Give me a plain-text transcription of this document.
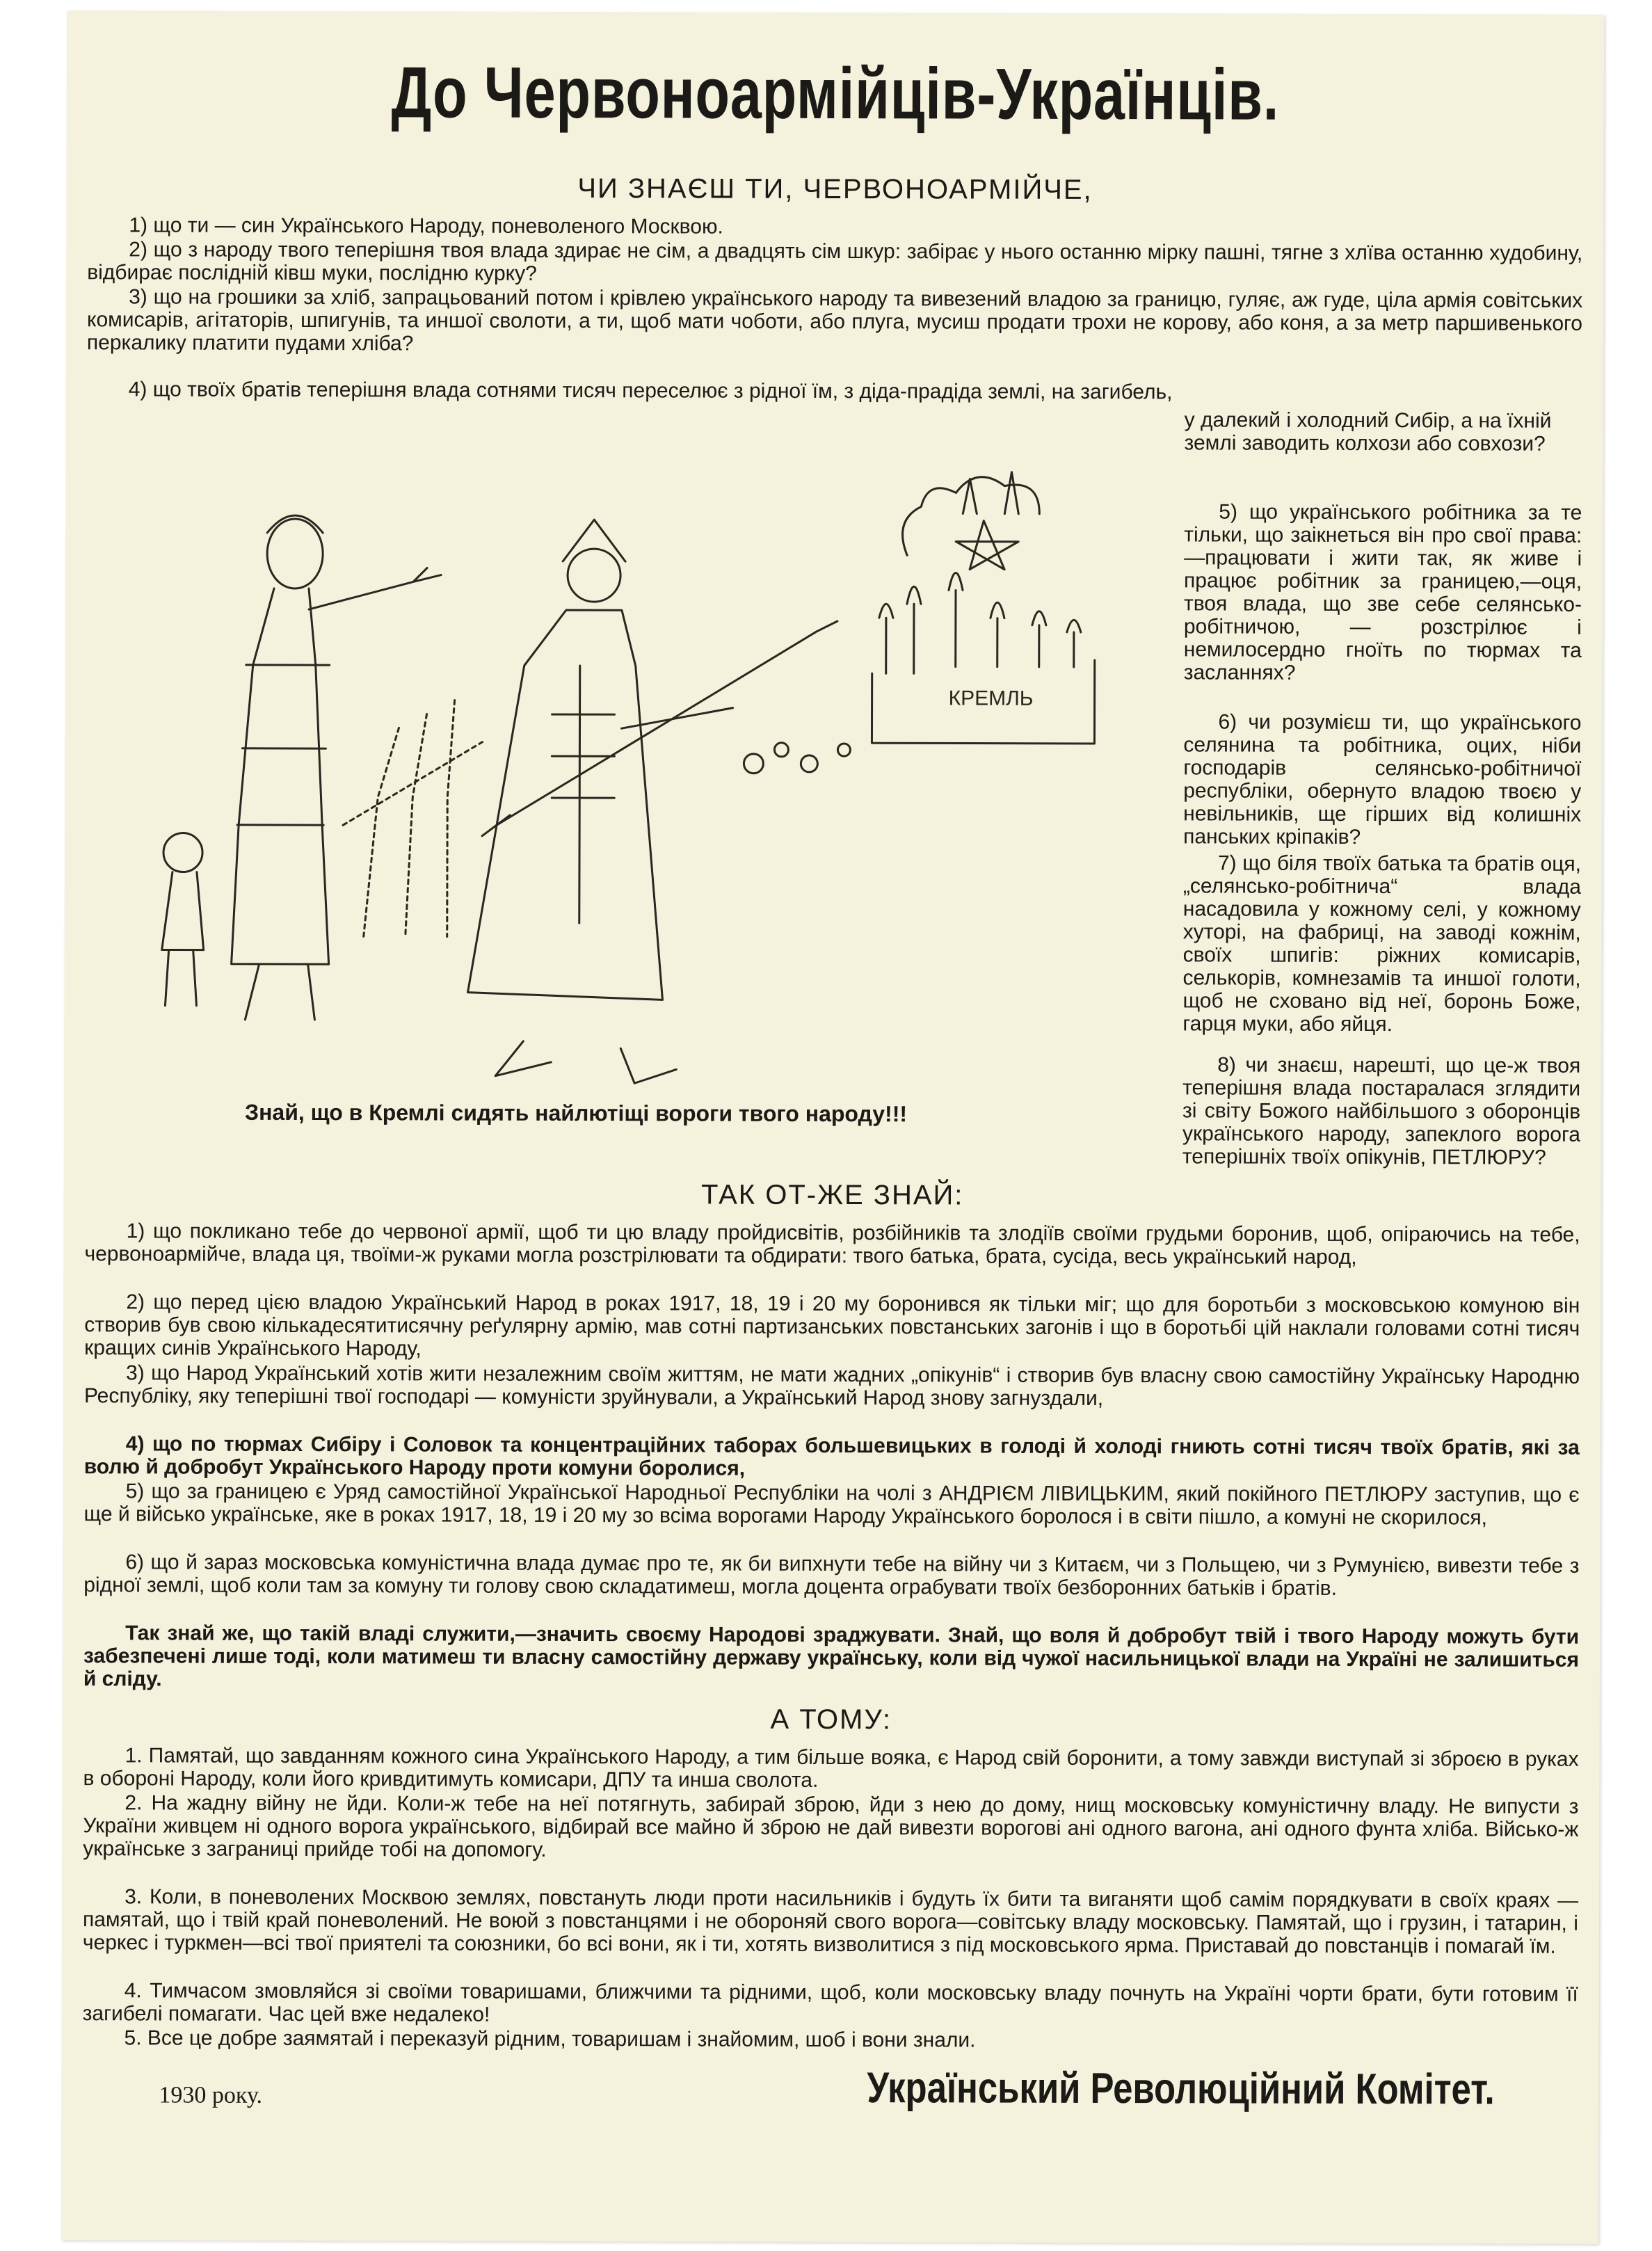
До Червоноармійців-Українців.
ЧИ ЗНАЄШ ТИ, ЧЕРВОНОАРМІЙЧЕ,
1) що ти — син Українського Народу, поневоленого Москвою.
2) що з народу твого теперішня твоя влада здирає не сім, а двадцять сім шкур: забірає у нього останню мірку пашні, тягне з хлїва останню худобину, відбирає послідній ківш муки, послідню курку?
3) що на грошики за хліб, запрацьований потом і крівлею українського народу та вивезений владою за границю, гуляє, аж гуде, ціла армія совітських комисарів, агітаторів, шпигунів, та иншої сволоти, а ти, щоб мати чоботи, або плуга, мусиш продати трохи не корову, або коня, а за метр паршивенького перкалику платити пудами хліба?
4) що твоїх братів теперішня влада сотнями тисяч переселює з рідної їм, з діда-прадіда землі, на загибель,
у далекий і холодний Сибір, а на їхній землі заводить колхози або совхози?
5) що українського робітника за те тільки, що заікнеться він про свої права:—працювати і жити так, як живе і працює робітник за границею,—оця, твоя влада, що зве себе селянсько-робітничою, — розстрілює і немилосердно гноїть по тюрмах та засланнях?
6) чи розумієш ти, що українського селянина та робітника, оцих, ніби господарів селянсько-робітничої республіки, обернуто владою твоєю у невільників, ще гірших від колишніх панських кріпаків?
7) що біля твоїх батька та братів оця, „селянсько-робітнича“ влада насадовила у кожному селі, у кожному хуторі, на фабриці, на заводі кожнім, своїх шпигів: ріжних комисарів, селькорів, комнезамів та иншої голоти, щоб не сховано від неї, боронь Боже, гарця муки, або яйця.
8) чи знаєш, нарешті, що це-ж твоя теперішня влада постаралася зглядити зі світу Божого найбільшого з оборонців українського народу, запеклого ворога теперішніх твоїх опікунів, ПЕТЛЮРУ?
КРЕМЛЬ
Знай, що в Кремлі сидять найлютіщі вороги твого народу!!!
ТАК ОТ-ЖЕ ЗНАЙ:
1) що покликано тебе до червоної армії, щоб ти цю владу пройдисвітів, розбійників та злодіїв своїми грудьми боронив, щоб, опіраючись на тебе, червоноармійче, влада ця, твоїми-ж руками могла розстрілювати та обдирати: твого батька, брата, сусіда, весь український народ,
2) що перед цією владою Український Народ в роках 1917, 18, 19 і 20 му боронився як тільки міг; що для боротьби з московською комуною він створив був свою кількадесятитисячну реґулярну армію, мав сотні партизанських повстанських загонів і що в боротьбі цій наклали головами сотні тисяч кращих синів Українського Народу,
3) що Народ Український хотів жити незалежним своїм життям, не мати жадних „опікунів“ і створив був власну свою самостійну Українську Народню Республіку, яку теперішні твої господарі — комуністи зруйнували, а Український Народ знову загнуздали,
4) що по тюрмах Сибіру і Соловок та концентраційних таборах большевицьких в голоді й холоді гниють сотні тисяч твоїх братів, які за волю й добробут Українського Народу проти комуни боролися,
5) що за границею є Уряд самостійної Української Народньої Республіки на чолі з АНДРІЄМ ЛІВИЦЬКИМ, який покійного ПЕТЛЮРУ заступив, що є ще й військо українське, яке в роках 1917, 18, 19 і 20 му зо всіма ворогами Народу Українського боролося і в світи пішло, а комуні не скорилося,
6) що й зараз московська комуністична влада думає про те, як би випхнути тебе на війну чи з Китаєм, чи з Польщею, чи з Румунією, вивезти тебе з рідної землі, щоб коли там за комуну ти голову свою складатимеш, могла доцента ограбувати твоїх безборонних батьків і братів.
Так знай же, що такій владі служити,—значить своєму Народові зраджувати. Знай, що воля й добробут твій і твого Народу можуть бути забезпечені лише тоді, коли матимеш ти власну самостійну державу українську, коли від чужої насильницької влади на Україні не залишиться й сліду.
А ТОМУ:
1. Памятай, що завданням кожного сина Українського Народу, а тим більше вояка, є Народ свій боронити, а тому завжди виступай зі зброєю в руках в обороні Народу, коли його кривдитимуть комисари, ДПУ та инша сволота.
2. На жадну війну не йди. Коли-ж тебе на неї потягнуть, забирай зброю, йди з нею до дому, нищ московську комуністичну владу. Не випусти з України живцем ні одного ворога українського, відбирай все майно й зброю не дай вивезти ворогові ані одного вагона, ані одного фунта хліба. Військо-ж українське з заграниці прийде тобі на допомогу.
3. Коли, в поневолених Москвою землях, повстануть люди проти насильників і будуть їх бити та виганяти щоб самім порядкувати в своїх краях — памятай, що і твій край поневолений. Не воюй з повстанцями і не обороняй свого ворога—совітську владу московську. Памятай, що і грузин, і татарин, і черкес і туркмен—всі твої приятелі та союзники, бо всі вони, як і ти, хотять визволитися з під московського ярма. Приставай до повстанців і помагай їм.
4. Тимчасом змовляйся зі своїми товаришами, ближчими та рідними, щоб, коли московську владу почнуть на Україні чорти брати, бути готовим її загибелі помагати. Час цей вже недалеко!
5. Все це добре заямятай і переказуй рідним, товаришам і знайомим, шоб і вони знали.
1930 року.	Український Революційний Комітет.
